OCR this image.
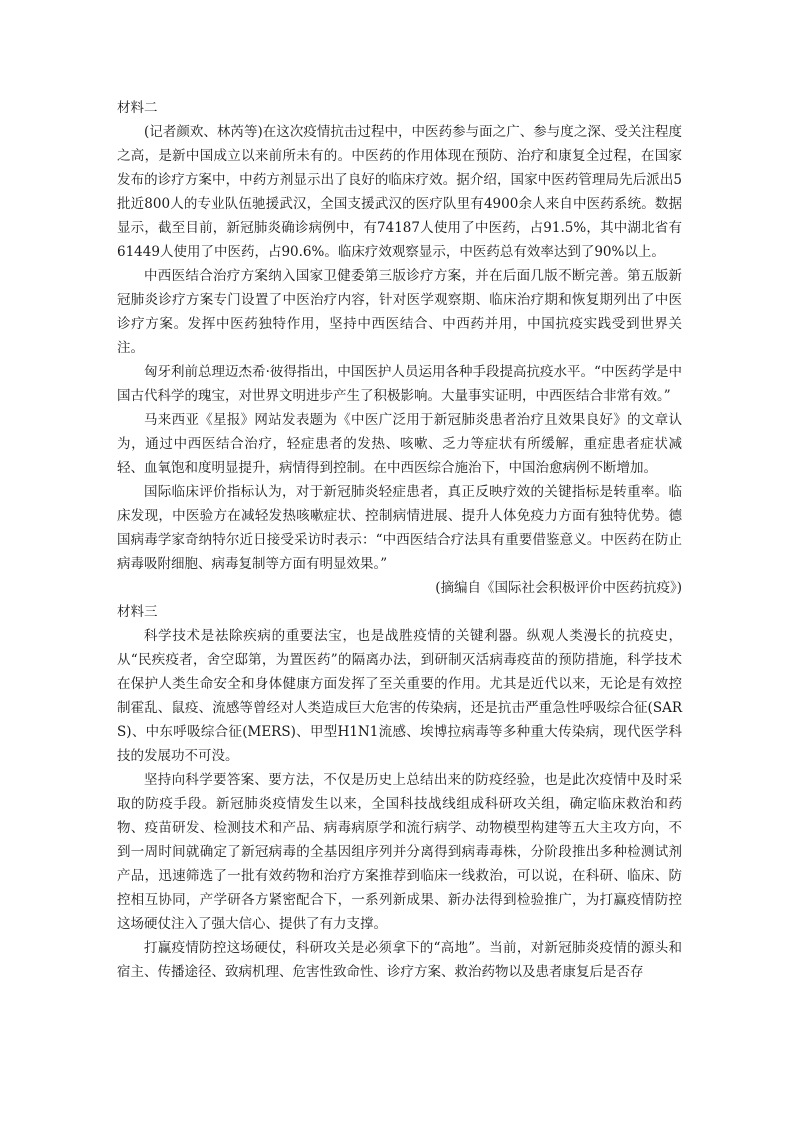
材料二

(记者颜欢、林芮等)在这次疫情抗击过程中，中医药参与面之广、参与度之深、受关注程度之高，是新中国成立以来前所未有的。中医药的作用体现在预防、治疗和康复全过程，在国家发布的诊疗方案中，中药方剂显示出了良好的临床疗效。据介绍，国家中医药管理局先后派出5批近800人的专业队伍驰援武汉，全国支援武汉的医疗队里有4900余人来自中医药系统。数据显示，截至目前，新冠肺炎确诊病例中，有74187人使用了中医药，占91.5%，其中湖北省有61449人使用了中医药，占90.6%。临床疗效观察显示，中医药总有效率达到了90%以上。

中西医结合治疗方案纳入国家卫健委第三版诊疗方案，并在后面几版不断完善。第五版新冠肺炎诊疗方案专门设置了中医治疗内容，针对医学观察期、临床治疗期和恢复期列出了中医诊疗方案。发挥中医药独特作用，坚持中西医结合、中西药并用，中国抗疫实践受到世界关注。

匈牙利前总理迈杰希·彼得指出，中国医护人员运用各种手段提高抗疫水平。“中医药学是中国古代科学的瑰宝，对世界文明进步产生了积极影响。大量事实证明，中西医结合非常有效。”

马来西亚《星报》网站发表题为《中医广泛用于新冠肺炎患者治疗且效果良好》的文章认为，通过中西医结合治疗，轻症患者的发热、咳嗽、乏力等症状有所缓解，重症患者症状减轻、血氧饱和度明显提升，病情得到控制。在中西医综合施治下，中国治愈病例不断增加。

国际临床评价指标认为，对于新冠肺炎轻症患者，真正反映疗效的关键指标是转重率。临床发现，中医验方在减轻发热咳嗽症状、控制病情进展、提升人体免疫力方面有独特优势。德国病毒学家奇纳特尔近日接受采访时表示：“中西医结合疗法具有重要借鉴意义。中医药在防止病毒吸附细胞、病毒复制等方面有明显效果。”

(摘编自《国际社会积极评价中医药抗疫》)

材料三

科学技术是祛除疾病的重要法宝，也是战胜疫情的关键利器。纵观人类漫长的抗疫史，从“民疾疫者，舍空邸第，为置医药”的隔离办法，到研制灭活病毒疫苗的预防措施，科学技术在保护人类生命安全和身体健康方面发挥了至关重要的作用。尤其是近代以来，无论是有效控制霍乱、鼠疫、流感等曾经对人类造成巨大危害的传染病，还是抗击严重急性呼吸综合征(SARS)、中东呼吸综合征(MERS)、甲型H1N1流感、埃博拉病毒等多种重大传染病，现代医学科技的发展功不可没。

坚持向科学要答案、要方法，不仅是历史上总结出来的防疫经验，也是此次疫情中及时采取的防疫手段。新冠肺炎疫情发生以来，全国科技战线组成科研攻关组，确定临床救治和药物、疫苗研发、检测技术和产品、病毒病原学和流行病学、动物模型构建等五大主攻方向，不到一周时间就确定了新冠病毒的全基因组序列并分离得到病毒毒株，分阶段推出多种检测试剂产品，迅速筛选了一批有效药物和治疗方案推荐到临床一线救治，可以说，在科研、临床、防控相互协同，产学研各方紧密配合下，一系列新成果、新办法得到检验推广，为打赢疫情防控这场硬仗注入了强大信心、提供了有力支撑。

打赢疫情防控这场硬仗，科研攻关是必须拿下的“高地”。当前，对新冠肺炎疫情的源头和宿主、传播途径、致病机理、危害性致命性、诊疗方案、救治药物以及患者康复后是否存
